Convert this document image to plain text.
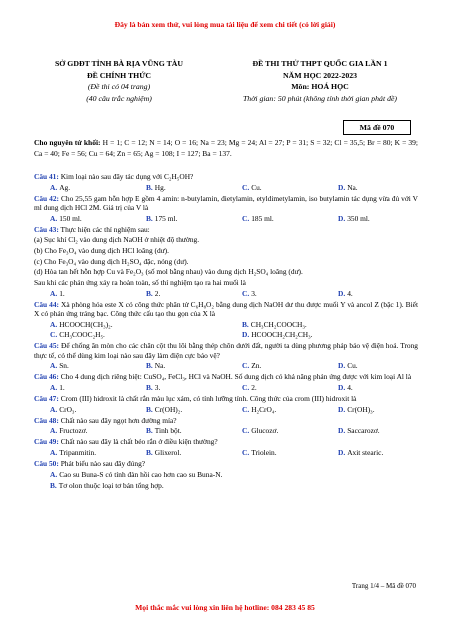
Đây là bản xem thử, vui lòng mua tài liệu để xem chi tiết (có lời giải)
SỞ GDĐT TỈNH BÀ RỊA VŨNG TÀU
ĐỀ CHÍNH THỨC
(Đề thi có 04 trang)
(40 câu trắc nghiệm)
ĐỀ THI THỬ THPT QUỐC GIA LẦN 1
NĂM HỌC 2022-2023
Môn: HOÁ HỌC
Thời gian: 50 phút (không tính thời gian phát đề)
Mã đề 070
Cho nguyên tử khối: H = 1; C = 12; N = 14; O = 16; Na = 23; Mg = 24; Al = 27; P = 31; S = 32; Cl = 35,5; Br = 80; K = 39; Ca = 40; Fe = 56; Cu = 64; Zn = 65; Ag = 108; I = 127; Ba = 137.
Câu 41: Kim loại nào sau đây tác dụng với C₂H₅OH?
A. Ag.	B. Hg.	C. Cu.	D. Na.
Câu 42: Cho 25,55 gam hỗn hợp E gồm 4 amin: n-butylamin, đietylamin, etyldimetylamin, iso butylamin tác dụng vừa đủ với V ml dung dịch HCl 2M. Giá trị của V là
A. 150 ml.	B. 175 ml.	C. 185 ml.	D. 350 ml.
Câu 43: Thực hiện các thí nghiệm sau:
(a) Sục khí Cl₂ vào dung dịch NaOH ở nhiệt độ thường.
(b) Cho Fe₃O₄ vào dung dịch HCl loãng (dư).
(c) Cho Fe₃O₄ vào dung dịch H₂SO₄ đặc, nóng (dư).
(d) Hòa tan hết hỗn hợp Cu và Fe₂O₃ (số mol bằng nhau) vào dung dịch H₂SO₄ loãng (dư).
Sau khi các phản ứng xảy ra hoàn toàn, số thí nghiệm tạo ra hai muối là
A. 1.	B. 2.	C. 3.	D. 4.
Câu 44: Xà phòng hóa este X có công thức phân tử C₆H₈O₂ bằng dung dịch NaOH dư thu được muối Y và ancol Z (bậc 1). Biết X có phản ứng tráng bạc. Công thức cấu tạo thu gọn của X là
A. HCOOCH(CH₃)₂.	B. CH₃CH₂COOCH₃.
C. CH₃COOC₂H₅.	D. HCOOCH₂CH₂CH₃.
Câu 45: Để chống ăn mòn cho các chân cột thu lôi bằng thép chôn dưới đất, người ta dùng phương pháp bảo vệ điện hoá. Trong thực tế, có thể dùng kim loại nào sau đây làm điện cực bảo vệ?
A. Sn.	B. Na.	C. Zn.	D. Cu.
Câu 46: Cho 4 dung dịch riêng biệt: CuSO₄, FeCl₃, HCl và NaOH. Số dung dịch có khả năng phản ứng được với kim loại Al là
A. 1.	B. 3.	C. 2.	D. 4.
Câu 47: Crom (III) hidroxit là chất rắn màu lục xám, có tính lưỡng tính. Công thức của crom (III) hidroxit là
A. CrO₃.	B. Cr(OH)₂.	C. H₂CrO₄.	D. Cr(OH)₃.
Câu 48: Chất nào sau đây ngọt hơn đường mía?
A. Fructozơ.	B. Tinh bột.	C. Glucozơ.	D. Saccarozơ.
Câu 49: Chất nào sau đây là chất béo rắn ở điều kiện thường?
A. Tripanmitin.	B. Glixerol.	C. Triolein.	D. Axit stearic.
Câu 50: Phát biểu nào sau đây đúng?
A. Cao su Buna-S có tính đàn hồi cao hơn cao su Buna-N.
B. Tơ olon thuộc loại tơ bán tổng hợp.
Trang 1/4 – Mã đề 070
Mọi thắc mắc vui lòng xin liên hệ hotline: 084 283 45 85
